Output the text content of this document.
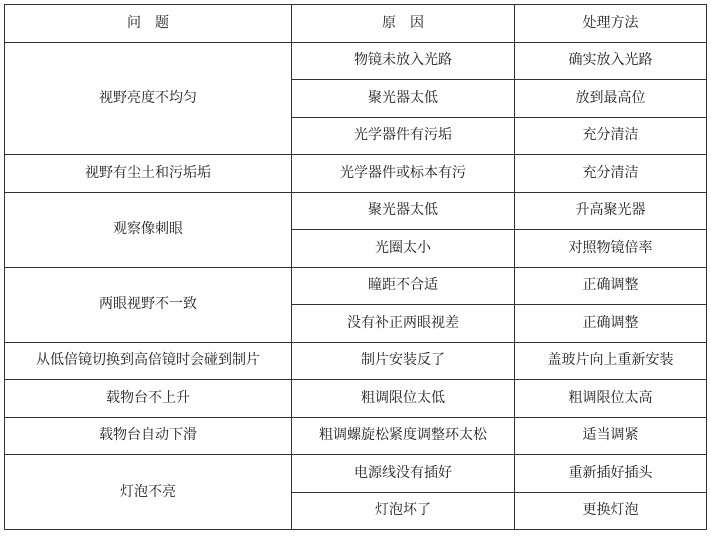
问　题	原　因	处理方法
视野亮度不均匀	物镜未放入光路	确实放入光路
	聚光器太低	放到最高位
	光学器件有污垢	充分清洁
视野有尘土和污垢垢	光学器件或标本有污	充分清洁
观察像刺眼	聚光器太低	升高聚光器
	光圈太小	对照物镜倍率
两眼视野不一致	瞳距不合适	正确调整
	没有补正两眼视差	正确调整
从低倍镜切换到高倍镜时会碰到制片	制片安装反了	盖玻片向上重新安装
载物台不上升	粗调限位太低	粗调限位太高
载物台自动下滑	粗调螺旋松紧度调整环太松	适当调紧
灯泡不亮	电源线没有插好	重新插好插头
	灯泡坏了	更换灯泡
